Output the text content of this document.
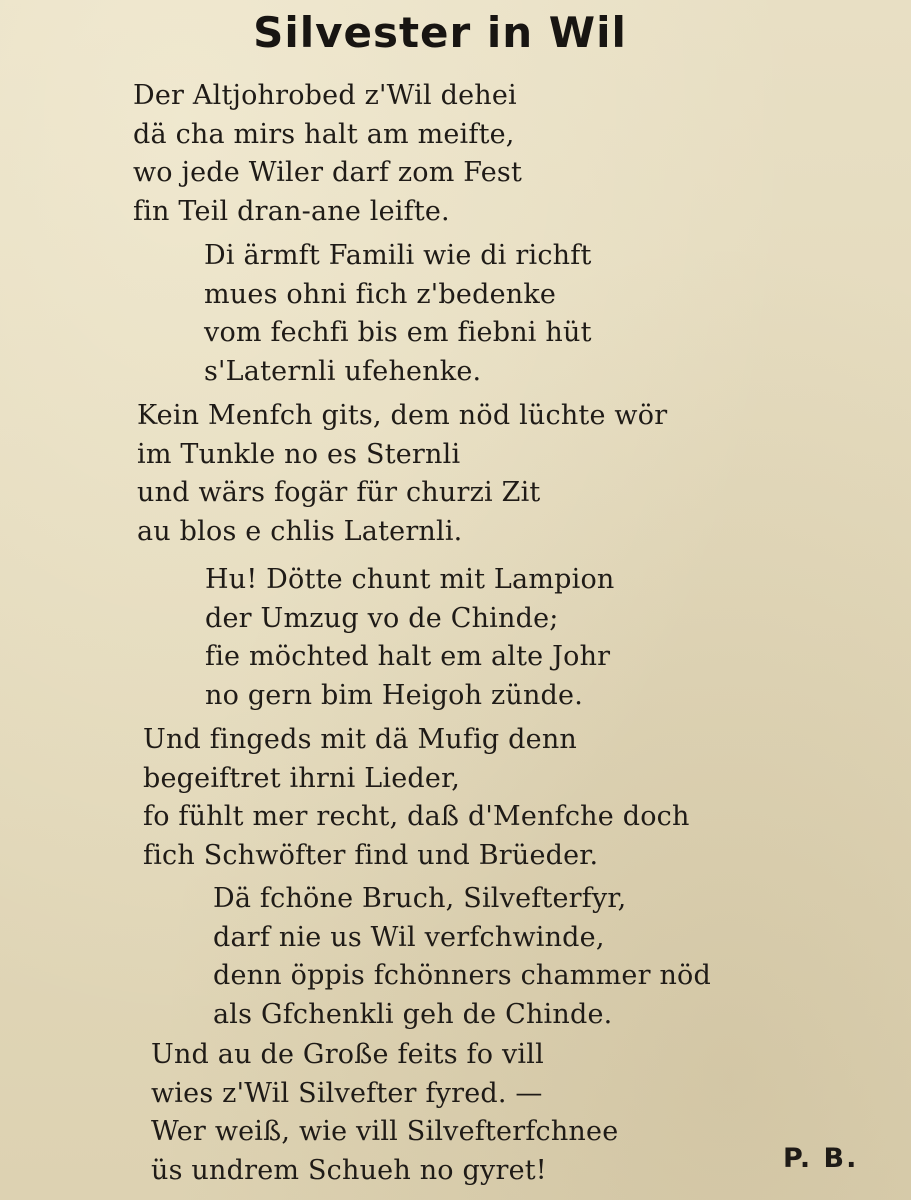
Silvester in Wil
Der Altjohrobed z'Wil dehei
dä cha mirs halt am meifte,
wo jede Wiler darf zom Fest
fin Teil dran-ane leifte.
Di ärmft Famili wie di richft
mues ohni fich z'bedenke
vom fechfi bis em fiebni hüt
s'Laternli ufehenke.
Kein Menfch gits, dem nöd lüchte wör
im Tunkle no es Sternli
und wärs fogär für churzi Zit
au blos e chlis Laternli.
Hu! Dötte chunt mit Lampion
der Umzug vo de Chinde;
fie möchted halt em alte Johr
no gern bim Heigoh zünde.
Und fingeds mit dä Mufig denn
begeiftret ihrni Lieder,
fo fühlt mer recht, daß d'Menfche doch
fich Schwöfter find und Brüeder.
Dä fchöne Bruch, Silvefterfyr,
darf nie us Wil verfchwinde,
denn öppis fchönners chammer nöd
als Gfchenkli geh de Chinde.
Und au de Große feits fo vill
wies z'Wil Silvefter fyred. —
Wer weiß, wie vill Silvefterfchnee
üs undrem Schueh no gyret!	P. B.
